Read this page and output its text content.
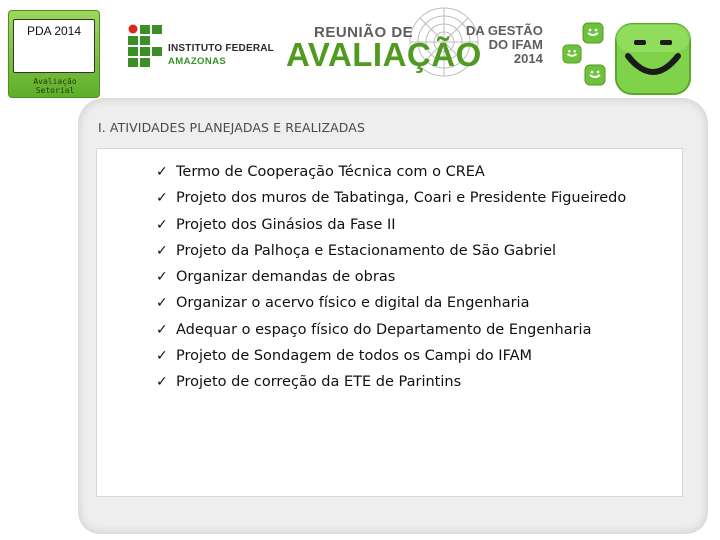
PDA 2014
Avaliação Setorial
INSTITUTO FEDERAL
AMAZONAS
REUNIÃO DE
AVALIAÇÃO
DA GESTÃO
DO IFAM
2014
I. ATIVIDADES PLANEJADAS E REALIZADAS
✓ Termo de Cooperação Técnica com o CREA
✓ Projeto dos muros de Tabatinga, Coari e Presidente Figueiredo
✓ Projeto dos Ginásios da Fase II
✓ Projeto da Palhoça e Estacionamento de São Gabriel
✓ Organizar demandas de obras
✓ Organizar o acervo físico e digital da Engenharia
✓ Adequar o espaço físico do Departamento de Engenharia
✓ Projeto de Sondagem de todos os Campi do IFAM
✓ Projeto de correção da ETE de Parintins
